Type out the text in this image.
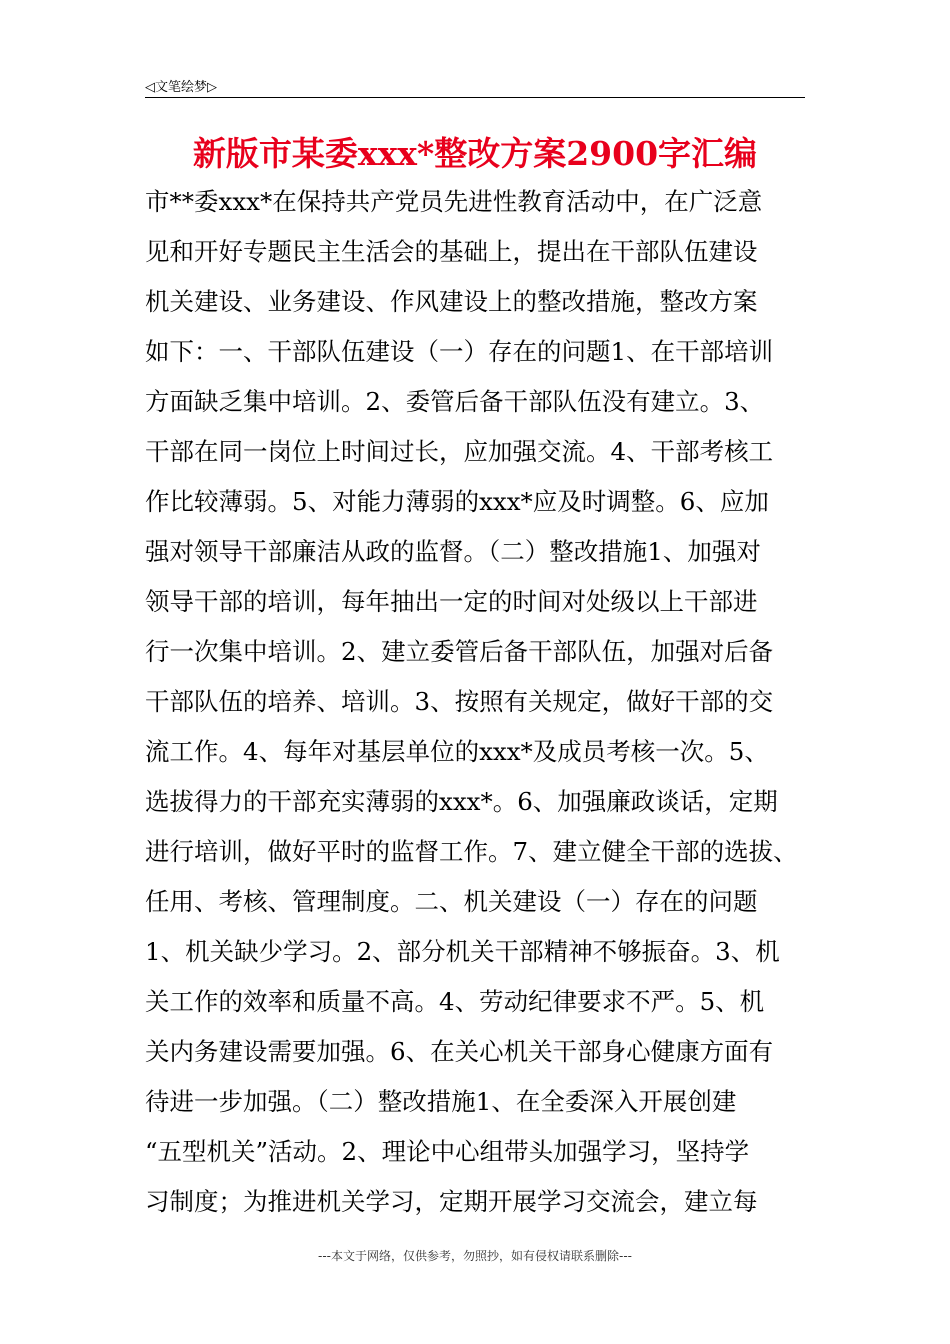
◁文笔绘梦▷
新版市某委xxx*整改方案2900字汇编
市**委xxx*在保持共产党员先进性教育活动中，在广泛意
见和开好专题民主生活会的基础上，提出在干部队伍建设
机关建设、业务建设、作风建设上的整改措施，整改方案
如下：一、干部队伍建设（一）存在的问题1、在干部培训
方面缺乏集中培训。2、委管后备干部队伍没有建立。3、
干部在同一岗位上时间过长，应加强交流。4、干部考核工
作比较薄弱。5、对能力薄弱的xxx*应及时调整。6、应加
强对领导干部廉洁从政的监督。（二）整改措施1、加强对
领导干部的培训，每年抽出一定的时间对处级以上干部进
行一次集中培训。2、建立委管后备干部队伍，加强对后备
干部队伍的培养、培训。3、按照有关规定，做好干部的交
流工作。4、每年对基层单位的xxx*及成员考核一次。5、
选拔得力的干部充实薄弱的xxx*。6、加强廉政谈话，定期
进行培训，做好平时的监督工作。7、建立健全干部的选拔、
任用、考核、管理制度。二、机关建设（一）存在的问题
1、机关缺少学习。2、部分机关干部精神不够振奋。3、机
关工作的效率和质量不高。4、劳动纪律要求不严。5、机
关内务建设需要加强。6、在关心机关干部身心健康方面有
待进一步加强。（二）整改措施1、在全委深入开展创建
“五型机关”活动。2、理论中心组带头加强学习，坚持学
习制度；为推进机关学习，定期开展学习交流会，建立每
---本文于网络，仅供参考，勿照抄，如有侵权请联系删除---
